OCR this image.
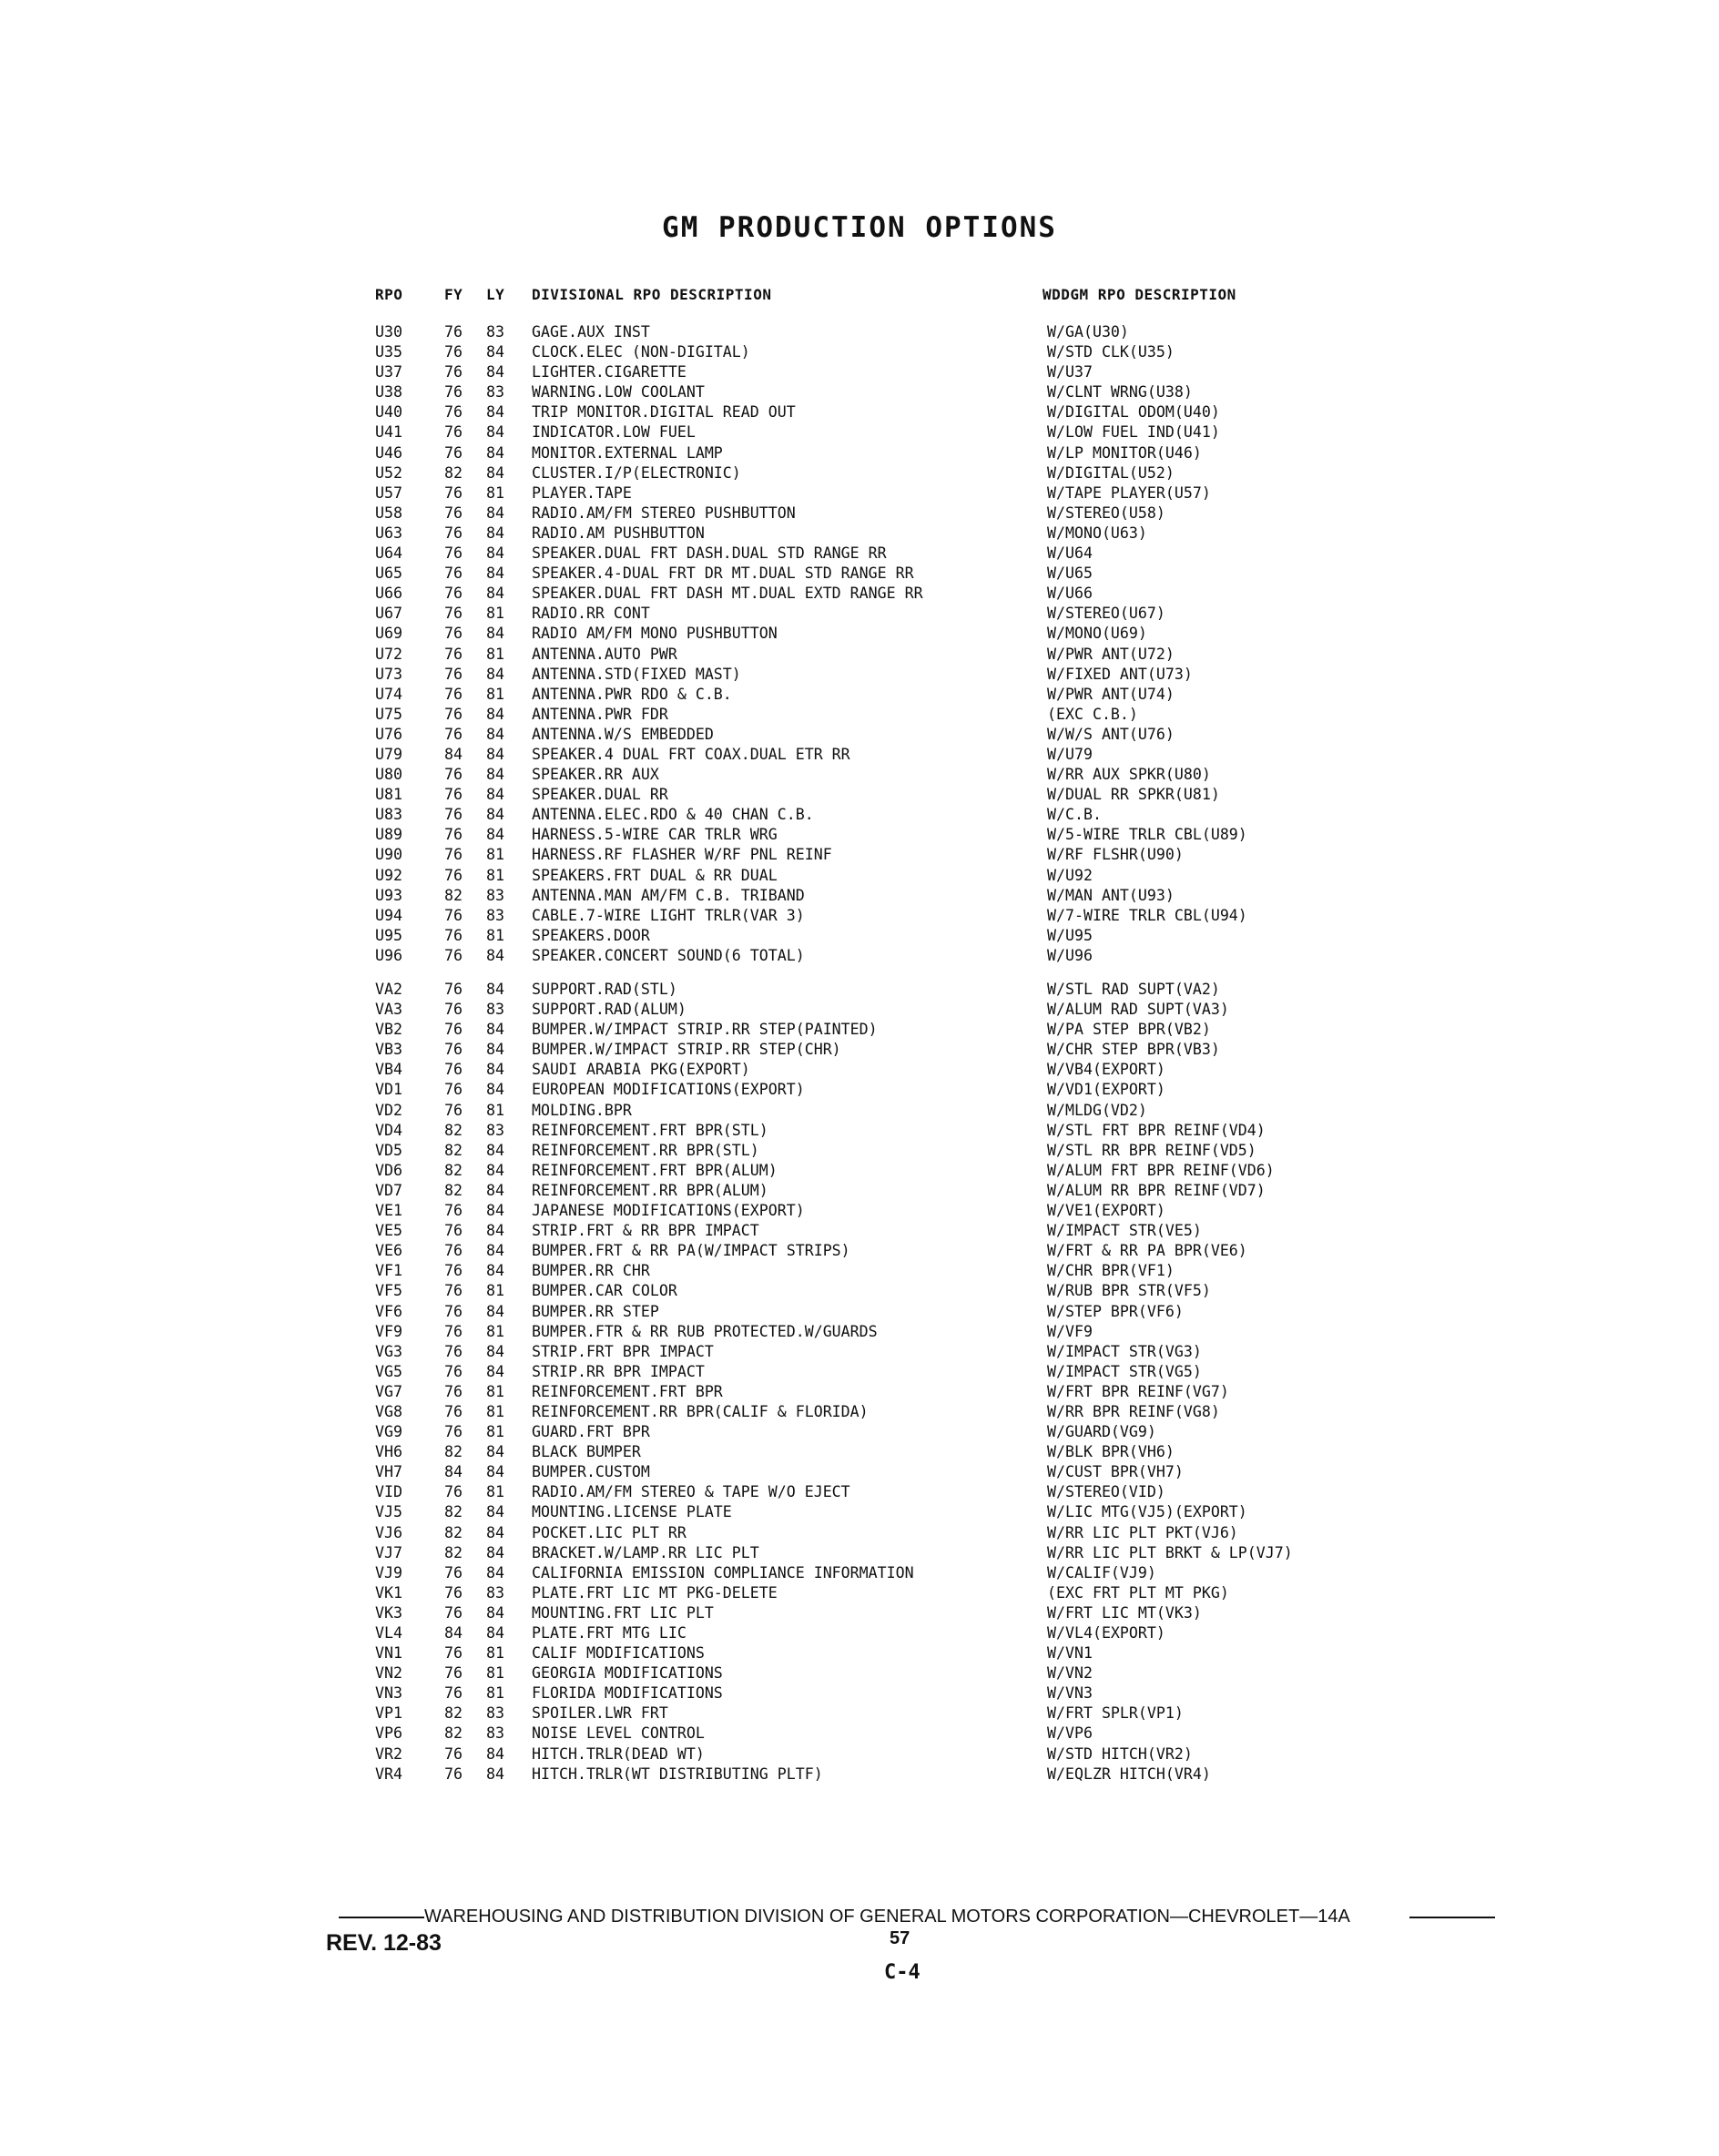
GM PRODUCTION OPTIONS
RPO	FY LY DIVISIONAL RPO DESCRIPTION	WDDGM RPO DESCRIPTION
U30	76 83 GAGE.AUX INST	W/GA(U30)
U35	76 84 CLOCK.ELEC (NON-DIGITAL)	W/STD CLK(U35)
U37	76 84 LIGHTER.CIGARETTE	W/U37
U38	76 83 WARNING.LOW COOLANT	W/CLNT WRNG(U38)
U40	76 84 TRIP MONITOR.DIGITAL READ OUT	W/DIGITAL ODOM(U40)
U41	76 84 INDICATOR.LOW FUEL	W/LOW FUEL IND(U41)
U46	76 84 MONITOR.EXTERNAL LAMP	W/LP MONITOR(U46)
U52	82 84 CLUSTER.I/P(ELECTRONIC)	W/DIGITAL(U52)
U57	76 81 PLAYER.TAPE	W/TAPE PLAYER(U57)
U58	76 84 RADIO.AM/FM STEREO PUSHBUTTON	W/STEREO(U58)
U63	76 84 RADIO.AM PUSHBUTTON	W/MONO(U63)
U64	76 84 SPEAKER.DUAL FRT DASH.DUAL STD RANGE RR	W/U64
U65	76 84 SPEAKER.4-DUAL FRT DR MT.DUAL STD RANGE RR	W/U65
U66	76 84 SPEAKER.DUAL FRT DASH MT.DUAL EXTD RANGE RR	W/U66
U67	76 81 RADIO.RR CONT	W/STEREO(U67)
U69	76 84 RADIO AM/FM MONO PUSHBUTTON	W/MONO(U69)
U72	76 81 ANTENNA.AUTO PWR	W/PWR ANT(U72)
U73	76 84 ANTENNA.STD(FIXED MAST)	W/FIXED ANT(U73)
U74	76 81 ANTENNA.PWR RDO & C.B.	W/PWR ANT(U74)
U75	76 84 ANTENNA.PWR FDR	(EXC C.B.)
U76	76 84 ANTENNA.W/S EMBEDDED	W/W/S ANT(U76)
U79	84 84 SPEAKER.4 DUAL FRT COAX.DUAL ETR RR	W/U79
U80	76 84 SPEAKER.RR AUX	W/RR AUX SPKR(U80)
U81	76 84 SPEAKER.DUAL RR	W/DUAL RR SPKR(U81)
U83	76 84 ANTENNA.ELEC.RDO & 40 CHAN C.B.	W/C.B.
U89	76 84 HARNESS.5-WIRE CAR TRLR WRG	W/5-WIRE TRLR CBL(U89)
U90	76 81 HARNESS.RF FLASHER W/RF PNL REINF	W/RF FLSHR(U90)
U92	76 81 SPEAKERS.FRT DUAL & RR DUAL	W/U92
U93	82 83 ANTENNA.MAN AM/FM C.B. TRIBAND	W/MAN ANT(U93)
U94	76 83 CABLE.7-WIRE LIGHT TRLR(VAR 3)	W/7-WIRE TRLR CBL(U94)
U95	76 81 SPEAKERS.DOOR	W/U95
U96	76 84 SPEAKER.CONCERT SOUND(6 TOTAL)	W/U96
VA2	76 84 SUPPORT.RAD(STL)	W/STL RAD SUPT(VA2)
VA3	76 83 SUPPORT.RAD(ALUM)	W/ALUM RAD SUPT(VA3)
VB2	76 84 BUMPER.W/IMPACT STRIP.RR STEP(PAINTED)	W/PA STEP BPR(VB2)
VB3	76 84 BUMPER.W/IMPACT STRIP.RR STEP(CHR)	W/CHR STEP BPR(VB3)
VB4	76 84 SAUDI ARABIA PKG(EXPORT)	W/VB4(EXPORT)
VD1	76 84 EUROPEAN MODIFICATIONS(EXPORT)	W/VD1(EXPORT)
VD2	76 81 MOLDING.BPR	W/MLDG(VD2)
VD4	82 83 REINFORCEMENT.FRT BPR(STL)	W/STL FRT BPR REINF(VD4)
VD5	82 84 REINFORCEMENT.RR BPR(STL)	W/STL RR BPR REINF(VD5)
VD6	82 84 REINFORCEMENT.FRT BPR(ALUM)	W/ALUM FRT BPR REINF(VD6)
VD7	82 84 REINFORCEMENT.RR BPR(ALUM)	W/ALUM RR BPR REINF(VD7)
VE1	76 84 JAPANESE MODIFICATIONS(EXPORT)	W/VE1(EXPORT)
VE5	76 84 STRIP.FRT & RR BPR IMPACT	W/IMPACT STR(VE5)
VE6	76 84 BUMPER.FRT & RR PA(W/IMPACT STRIPS)	W/FRT & RR PA BPR(VE6)
VF1	76 84 BUMPER.RR CHR	W/CHR BPR(VF1)
VF5	76 81 BUMPER.CAR COLOR	W/RUB BPR STR(VF5)
VF6	76 84 BUMPER.RR STEP	W/STEP BPR(VF6)
VF9	76 81 BUMPER.FTR & RR RUB PROTECTED.W/GUARDS	W/VF9
VG3	76 84 STRIP.FRT BPR IMPACT	W/IMPACT STR(VG3)
VG5	76 84 STRIP.RR BPR IMPACT	W/IMPACT STR(VG5)
VG7	76 81 REINFORCEMENT.FRT BPR	W/FRT BPR REINF(VG7)
VG8	76 81 REINFORCEMENT.RR BPR(CALIF & FLORIDA)	W/RR BPR REINF(VG8)
VG9	76 81 GUARD.FRT BPR	W/GUARD(VG9)
VH6	82 84 BLACK BUMPER	W/BLK BPR(VH6)
VH7	84 84 BUMPER.CUSTOM	W/CUST BPR(VH7)
VID	76 81 RADIO.AM/FM STEREO & TAPE W/O EJECT	W/STEREO(VID)
VJ5	82 84 MOUNTING.LICENSE PLATE	W/LIC MTG(VJ5)(EXPORT)
VJ6	82 84 POCKET.LIC PLT RR	W/RR LIC PLT PKT(VJ6)
VJ7	82 84 BRACKET.W/LAMP.RR LIC PLT	W/RR LIC PLT BRKT & LP(VJ7)
VJ9	76 84 CALIFORNIA EMISSION COMPLIANCE INFORMATION	W/CALIF(VJ9)
VK1	76 83 PLATE.FRT LIC MT PKG-DELETE	(EXC FRT PLT MT PKG)
VK3	76 84 MOUNTING.FRT LIC PLT	W/FRT LIC MT(VK3)
VL4	84 84 PLATE.FRT MTG LIC	W/VL4(EXPORT)
VN1	76 81 CALIF MODIFICATIONS	W/VN1
VN2	76 81 GEORGIA MODIFICATIONS	W/VN2
VN3	76 81 FLORIDA MODIFICATIONS	W/VN3
VP1	82 83 SPOILER.LWR FRT	W/FRT SPLR(VP1)
VP6	82 83 NOISE LEVEL CONTROL	W/VP6
VR2	76 84 HITCH.TRLR(DEAD WT)	W/STD HITCH(VR2)
VR4	76 84 HITCH.TRLR(WT DISTRIBUTING PLTF)	W/EQLZR HITCH(VR4)
WAREHOUSING AND DISTRIBUTION DIVISION OF GENERAL MOTORS CORPORATION—CHEVROLET—14A
REV. 12-83	57
C-4
